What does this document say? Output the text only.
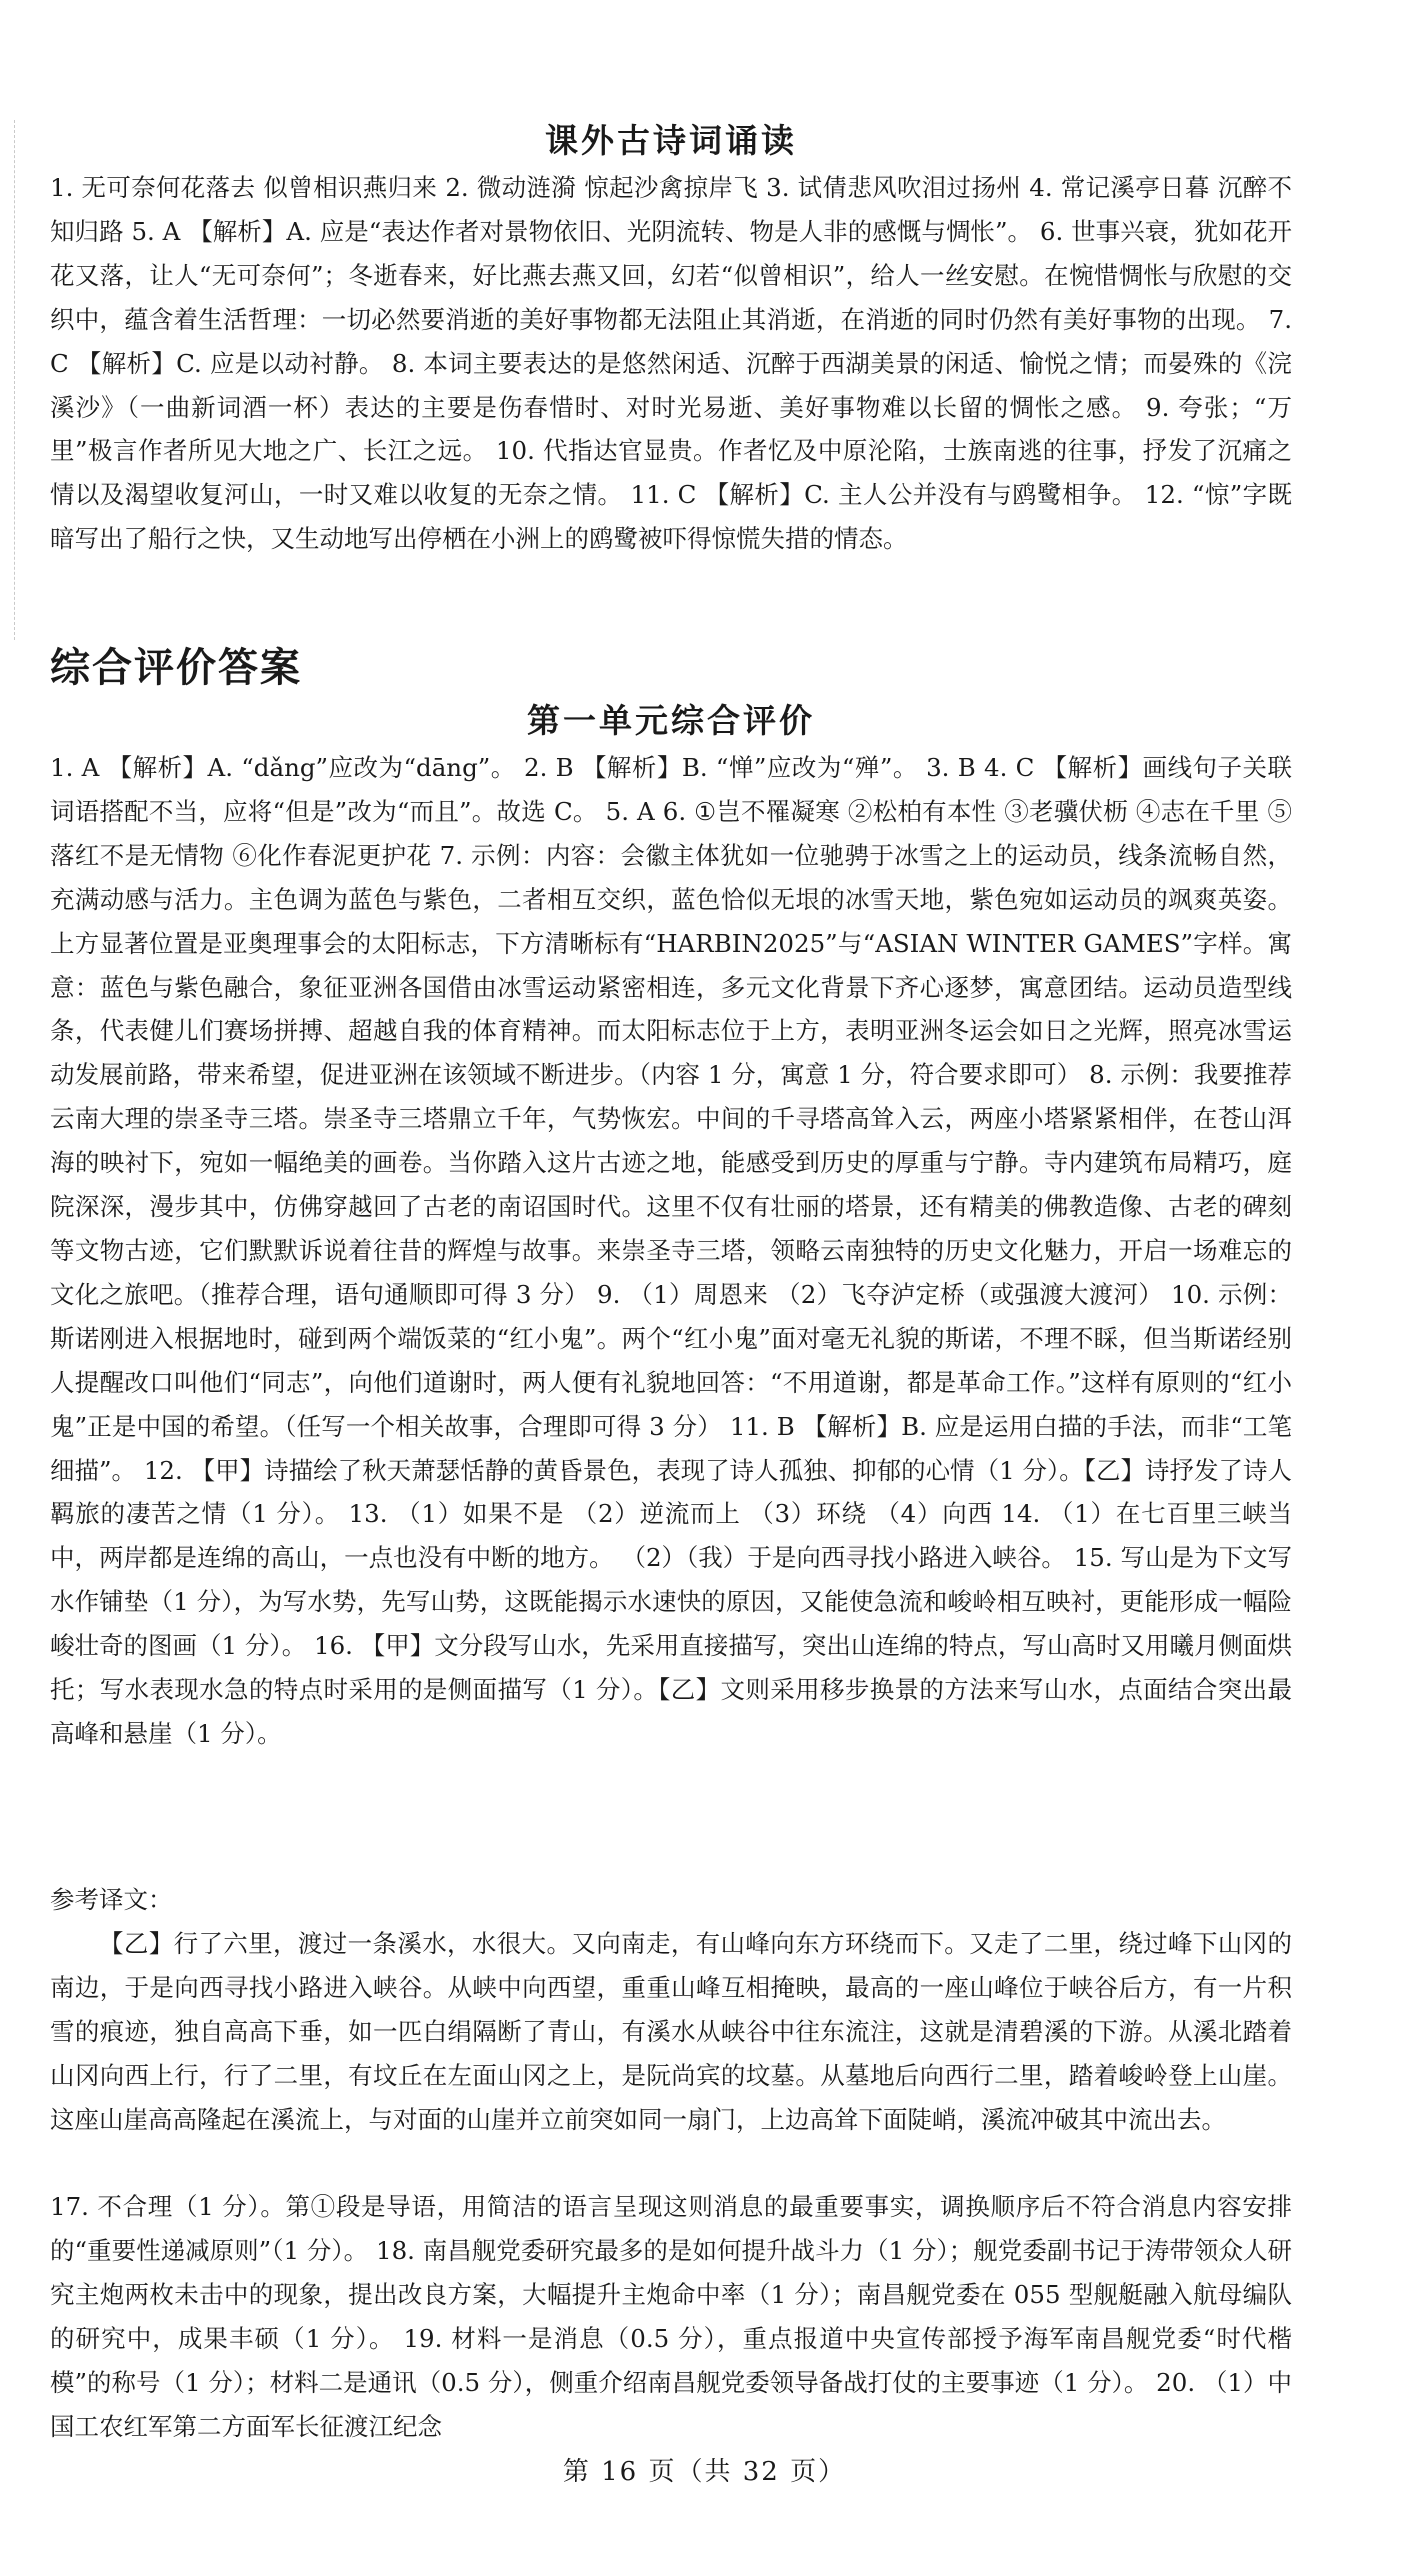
课外古诗词诵读

1. 无可奈何花落去 似曾相识燕归来 2. 微动涟漪 惊起沙禽掠岸飞 3. 试倩悲风吹泪过扬州 4. 常记溪亭日暮 沉醉不知归路 5. A 【解析】A. 应是“表达作者对景物依旧、光阴流转、物是人非的感慨与惆怅”。 6. 世事兴衰，犹如花开花又落，让人“无可奈何”；冬逝春来，好比燕去燕又回，幻若“似曾相识”，给人一丝安慰。在惋惜惆怅与欣慰的交织中，蕴含着生活哲理：一切必然要消逝的美好事物都无法阻止其消逝，在消逝的同时仍然有美好事物的出现。 7. C 【解析】C. 应是以动衬静。 8. 本词主要表达的是悠然闲适、沉醉于西湖美景的闲适、愉悦之情；而晏殊的《浣溪沙》（一曲新词酒一杯）表达的主要是伤春惜时、对时光易逝、美好事物难以长留的惆怅之感。 9. 夸张；“万里”极言作者所见大地之广、长江之远。 10. 代指达官显贵。作者忆及中原沦陷，士族南逃的往事，抒发了沉痛之情以及渴望收复河山，一时又难以收复的无奈之情。 11. C 【解析】C. 主人公并没有与鸥鹭相争。 12. “惊”字既暗写出了船行之快，又生动地写出停栖在小洲上的鸥鹭被吓得惊慌失措的情态。

综合评价答案
第一单元综合评价

1. A 【解析】A. “dǎng”应改为“dāng”。 2. B 【解析】B. “惮”应改为“殚”。 3. B 4. C 【解析】画线句子关联词语搭配不当，应将“但是”改为“而且”。故选 C。 5. A 6. ①岂不罹凝寒 ②松柏有本性 ③老骥伏枥 ④志在千里 ⑤落红不是无情物 ⑥化作春泥更护花 7. 示例：内容：会徽主体犹如一位驰骋于冰雪之上的运动员，线条流畅自然，充满动感与活力。主色调为蓝色与紫色，二者相互交织，蓝色恰似无垠的冰雪天地，紫色宛如运动员的飒爽英姿。上方显著位置是亚奥理事会的太阳标志，下方清晰标有“HARBIN2025”与“ASIAN WINTER GAMES”字样。寓意：蓝色与紫色融合，象征亚洲各国借由冰雪运动紧密相连，多元文化背景下齐心逐梦，寓意团结。运动员造型线条，代表健儿们赛场拼搏、超越自我的体育精神。而太阳标志位于上方，表明亚洲冬运会如日之光辉，照亮冰雪运动发展前路，带来希望，促进亚洲在该领域不断进步。（内容 1 分，寓意 1 分，符合要求即可） 8. 示例：我要推荐云南大理的崇圣寺三塔。崇圣寺三塔鼎立千年，气势恢宏。中间的千寻塔高耸入云，两座小塔紧紧相伴，在苍山洱海的映衬下，宛如一幅绝美的画卷。当你踏入这片古迹之地，能感受到历史的厚重与宁静。寺内建筑布局精巧，庭院深深，漫步其中，仿佛穿越回了古老的南诏国时代。这里不仅有壮丽的塔景，还有精美的佛教造像、古老的碑刻等文物古迹，它们默默诉说着往昔的辉煌与故事。来崇圣寺三塔，领略云南独特的历史文化魅力，开启一场难忘的文化之旅吧。（推荐合理，语句通顺即可得 3 分） 9. （1）周恩来 （2）飞夺泸定桥（或强渡大渡河） 10. 示例：斯诺刚进入根据地时，碰到两个端饭菜的“红小鬼”。两个“红小鬼”面对毫无礼貌的斯诺，不理不睬，但当斯诺经别人提醒改口叫他们“同志”，向他们道谢时，两人便有礼貌地回答：“不用道谢，都是革命工作。”这样有原则的“红小鬼”正是中国的希望。（任写一个相关故事，合理即可得 3 分） 11. B 【解析】B. 应是运用白描的手法，而非“工笔细描”。 12. 【甲】诗描绘了秋天萧瑟恬静的黄昏景色，表现了诗人孤独、抑郁的心情（1 分）。【乙】诗抒发了诗人羁旅的凄苦之情（1 分）。 13. （1）如果不是 （2）逆流而上 （3）环绕 （4）向西 14. （1）在七百里三峡当中，两岸都是连绵的高山，一点也没有中断的地方。 （2）（我）于是向西寻找小路进入峡谷。 15. 写山是为下文写水作铺垫（1 分），为写水势，先写山势，这既能揭示水速快的原因，又能使急流和峻岭相互映衬，更能形成一幅险峻壮奇的图画（1 分）。 16. 【甲】文分段写山水，先采用直接描写，突出山连绵的特点，写山高时又用曦月侧面烘托；写水表现水急的特点时采用的是侧面描写（1 分）。【乙】文则采用移步换景的方法来写山水，点面结合突出最高峰和悬崖（1 分）。

参考译文：

【乙】行了六里，渡过一条溪水，水很大。又向南走，有山峰向东方环绕而下。又走了二里，绕过峰下山冈的南边，于是向西寻找小路进入峡谷。从峡中向西望，重重山峰互相掩映，最高的一座山峰位于峡谷后方，有一片积雪的痕迹，独自高高下垂，如一匹白绢隔断了青山，有溪水从峡谷中往东流注，这就是清碧溪的下游。从溪北踏着山冈向西上行，行了二里，有坟丘在左面山冈之上，是阮尚宾的坟墓。从墓地后向西行二里，踏着峻岭登上山崖。这座山崖高高隆起在溪流上，与对面的山崖并立前突如同一扇门，上边高耸下面陡峭，溪流冲破其中流出去。

17. 不合理（1 分）。第①段是导语，用简洁的语言呈现这则消息的最重要事实，调换顺序后不符合消息内容安排的“重要性递减原则”（1 分）。 18. 南昌舰党委研究最多的是如何提升战斗力（1 分）；舰党委副书记于涛带领众人研究主炮两枚未击中的现象，提出改良方案，大幅提升主炮命中率（1 分）；南昌舰党委在 055 型舰艇融入航母编队的研究中，成果丰硕（1 分）。 19. 材料一是消息（0.5 分），重点报道中央宣传部授予海军南昌舰党委“时代楷模”的称号（1 分）；材料二是通讯（0.5 分），侧重介绍南昌舰党委领导备战打仗的主要事迹（1 分）。 20. （1）中国工农红军第二方面军长征渡江纪念

第 16 页（共 32 页）
